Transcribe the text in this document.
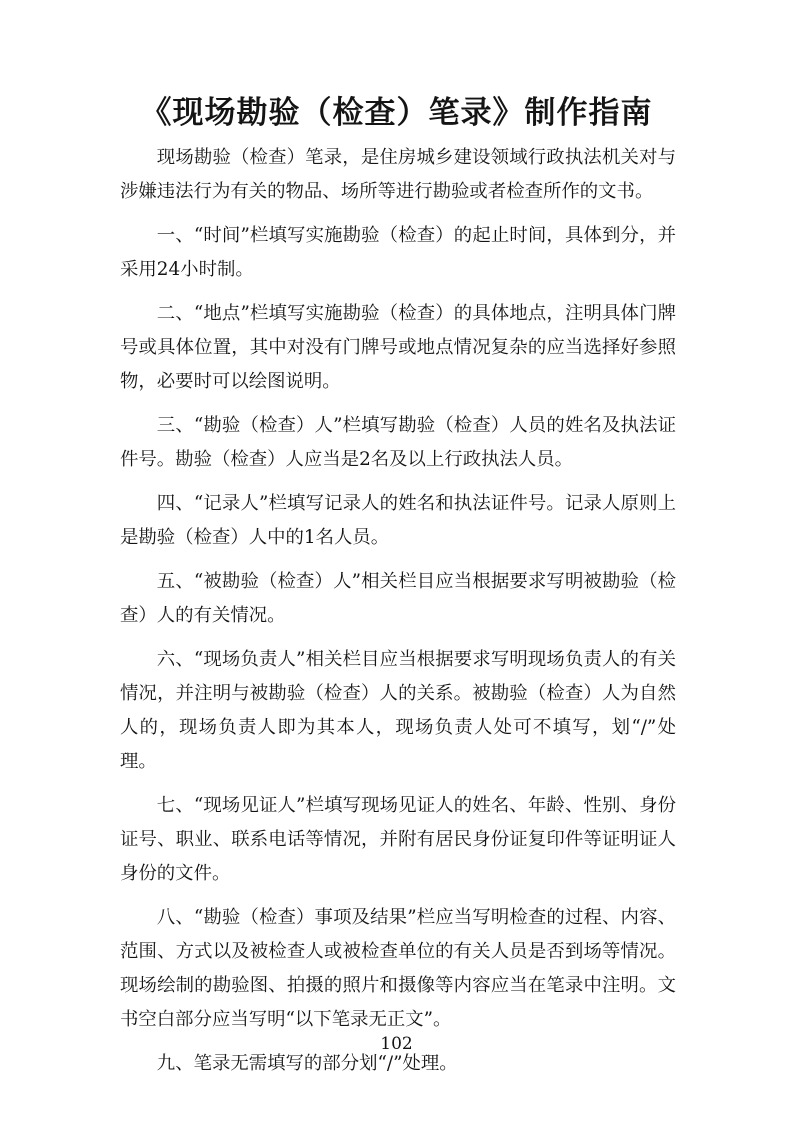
《现场勘验（检查）笔录》制作指南

现场勘验（检查）笔录，是住房城乡建设领域行政执法机关对与涉嫌违法行为有关的物品、场所等进行勘验或者检查所作的文书。

一、“时间”栏填写实施勘验（检查）的起止时间，具体到分，并采用24小时制。

二、“地点”栏填写实施勘验（检查）的具体地点，注明具体门牌号或具体位置，其中对没有门牌号或地点情况复杂的应当选择好参照物，必要时可以绘图说明。

三、“勘验（检查）人”栏填写勘验（检查）人员的姓名及执法证件号。勘验（检查）人应当是2名及以上行政执法人员。

四、“记录人”栏填写记录人的姓名和执法证件号。记录人原则上是勘验（检查）人中的1名人员。

五、“被勘验（检查）人”相关栏目应当根据要求写明被勘验（检查）人的有关情况。

六、“现场负责人”相关栏目应当根据要求写明现场负责人的有关情况，并注明与被勘验（检查）人的关系。被勘验（检查）人为自然人的，现场负责人即为其本人，现场负责人处可不填写，划“/”处理。

七、“现场见证人”栏填写现场见证人的姓名、年龄、性别、身份证号、职业、联系电话等情况，并附有居民身份证复印件等证明证人身份的文件。

八、“勘验（检查）事项及结果”栏应当写明检查的过程、内容、范围、方式以及被检查人或被检查单位的有关人员是否到场等情况。现场绘制的勘验图、拍摄的照片和摄像等内容应当在笔录中注明。文书空白部分应当写明“以下笔录无正文”。

九、笔录无需填写的部分划“/”处理。

102
